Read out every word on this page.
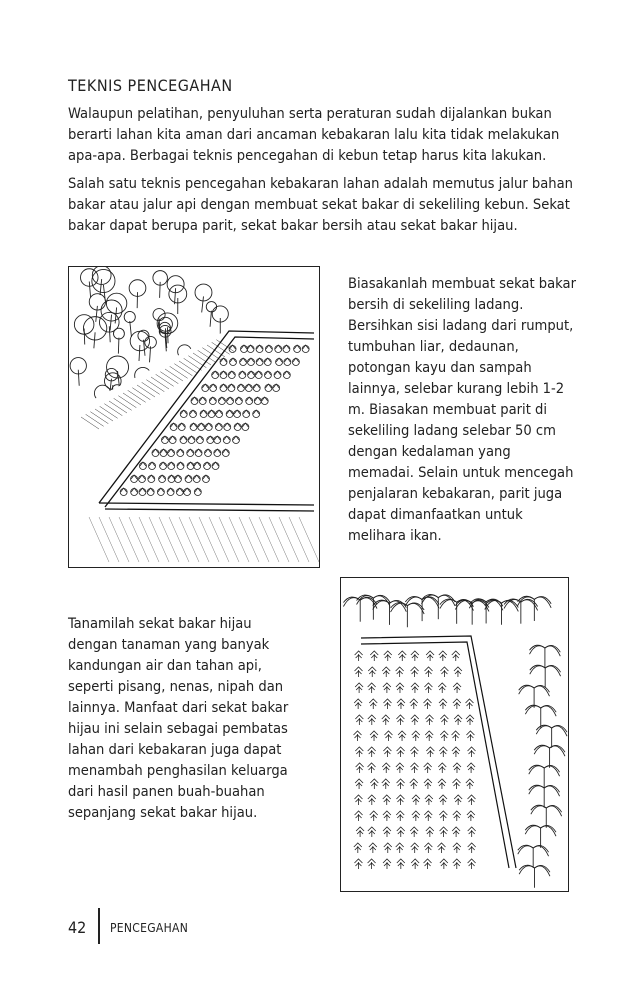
TEKNIS PENCEGAHAN
Walaupun pelatihan, penyuluhan serta peraturan sudah dijalankan bukan berarti lahan kita aman dari ancaman kebakaran lalu kita tidak melakukan apa-apa. Berbagai teknis pencegahan di kebun tetap harus kita lakukan.
Salah satu teknis pencegahan kebakaran lahan adalah memutus jalur bahan bakar atau jalur api dengan membuat sekat bakar di sekeliling kebun. Sekat bakar dapat berupa parit, sekat bakar bersih atau sekat bakar hijau.
Biasakanlah membuat sekat bakar bersih di sekeliling ladang. Bersihkan sisi ladang dari rumput, tumbuhan liar, dedaunan, potongan kayu dan sampah lainnya, selebar kurang lebih 1-2 m. Biasakan membuat parit di sekeliling ladang selebar 50 cm dengan kedalaman yang memadai. Selain untuk mencegah penjalaran kebakaran, parit juga dapat dimanfaatkan untuk melihara ikan.
Tanamilah sekat bakar hijau dengan tanaman yang banyak kandungan air dan tahan api, seperti pisang, nenas, nipah dan lainnya. Manfaat dari sekat bakar hijau ini selain sebagai pembatas lahan dari kebakaran juga dapat menambah penghasilan keluarga dari hasil panen buah-buahan sepanjang sekat bakar hijau.
42 PENCEGAHAN
